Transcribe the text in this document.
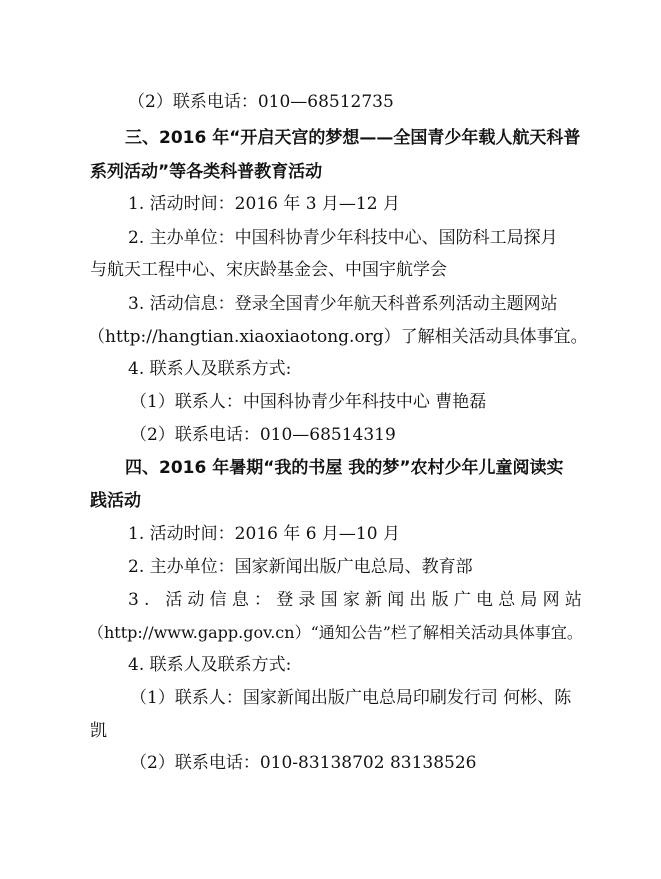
（2）联系电话：010—68512735
三、2016 年“开启天宫的梦想——全国青少年载人航天科普
系列活动”等各类科普教育活动
1. 活动时间：2016 年 3 月—12 月
2. 主办单位：中国科协青少年科技中心、国防科工局探月
与航天工程中心、宋庆龄基金会、中国宇航学会
3. 活动信息：登录全国青少年航天科普系列活动主题网站
（http://hangtian.xiaoxiaotong.org）了解相关活动具体事宜。
4. 联系人及联系方式:
（1）联系人：中国科协青少年科技中心 曹艳磊
（2）联系电话：010—68514319
四、2016 年暑期“我的书屋 我的梦”农村少年儿童阅读实
践活动
1. 活动时间：2016 年 6 月—10 月
2. 主办单位：国家新闻出版广电总局、教育部
3. 活动信息：登录国家新闻出版广电总局网站
（http://www.gapp.gov.cn）“通知公告”栏了解相关活动具体事宜。
4. 联系人及联系方式:
（1）联系人：国家新闻出版广电总局印刷发行司 何彬、陈
凯
（2）联系电话：010-83138702 83138526
